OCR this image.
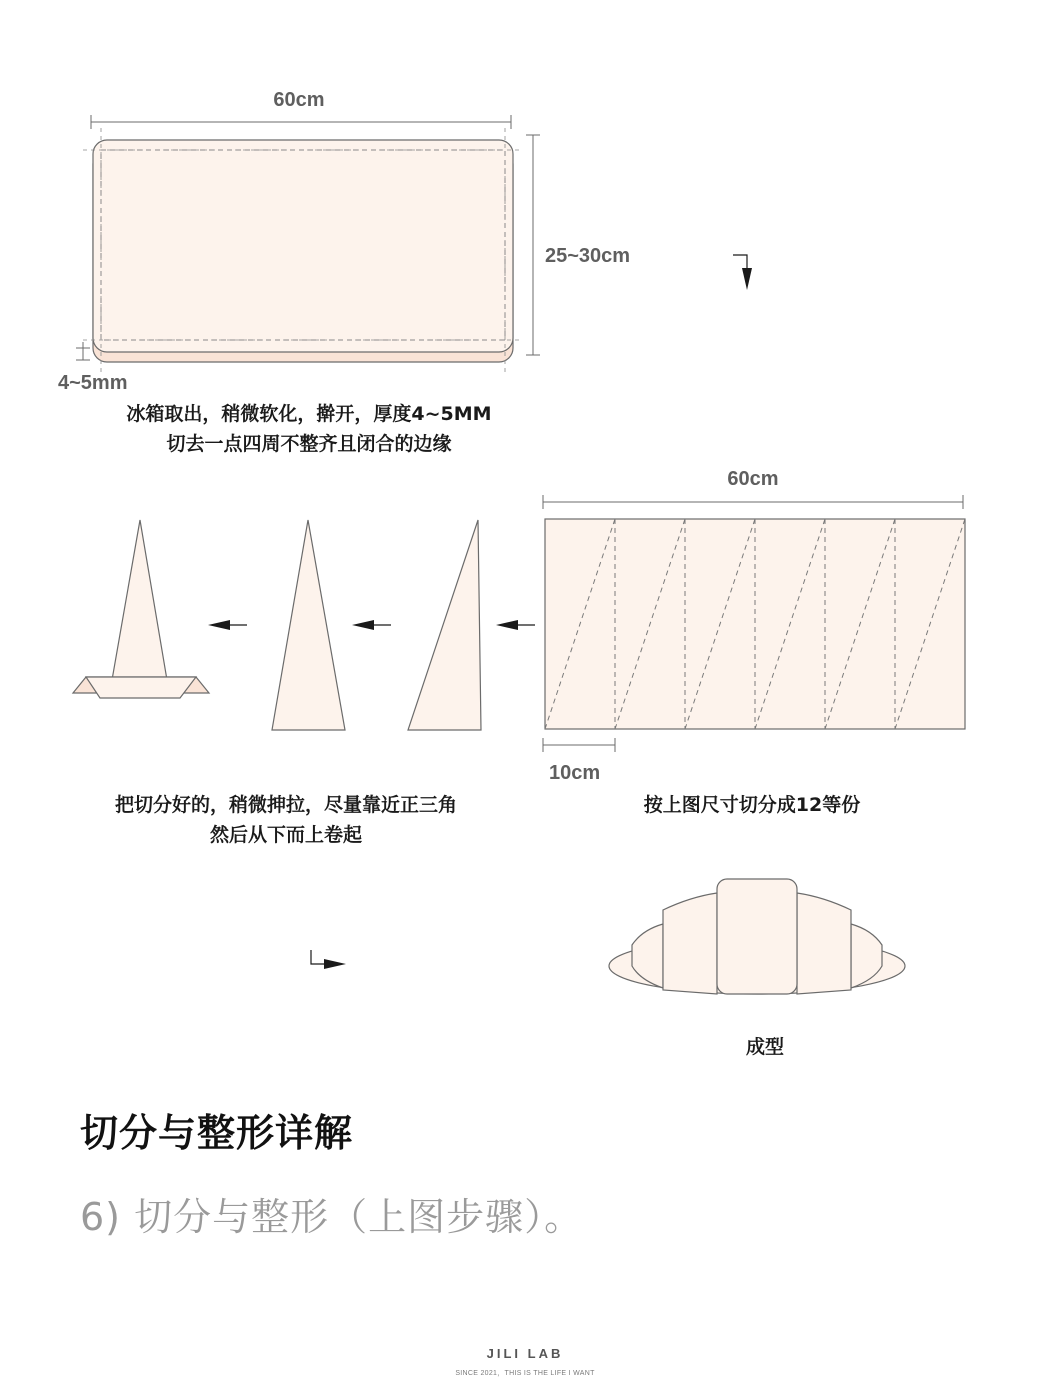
60cm
25~30cm
4~5mm
冰箱取出，稍微软化，擀开，厚度4~5MM
切去一点四周不整齐且闭合的边缘
60cm
10cm
按上图尺寸切分成12等份
把切分好的，稍微抻拉，尽量靠近正三角
然后从下而上卷起
成型
切分与整形详解

6) 切分与整形（上图步骤）。

JILI LAB
SINCE 2021，THIS IS THE LIFE I WANT
